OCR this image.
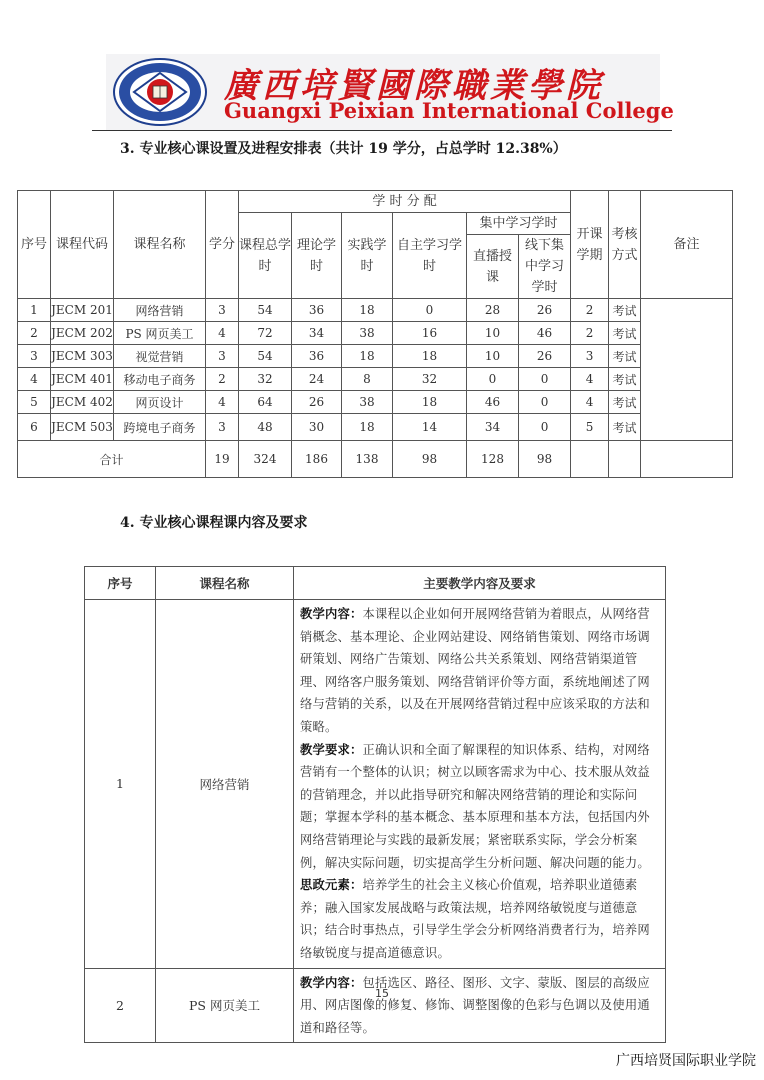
廣西培賢國際職業學院
Guangxi Peixian International College
3. 专业核心课设置及进程安排表（共计 19 学分，占总学时 12.38%）
序号	课程代码	课程名称	学分	学 时 分 配						开课学期	考核方式	备注
				课程总学时	理论学时	实践学时	自主学习学时	集中学习学时				
								直播授课	线下集中学习学时			
1	JECM 201	网络营销	3	54	36	18	0	28	26	2	考试	
2	JECM 202	PS 网页美工	4	72	34	38	16	10	46	2	考试	
3	JECM 303	视觉营销	3	54	36	18	18	10	26	3	考试	
4	JECM 401	移动电子商务	2	32	24	8	32	0	0	4	考试	
5	JECM 402	网页设计	4	64	26	38	18	46	0	4	考试	
6	JECM 503	跨境电子商务	3	48	30	18	14	34	0	5	考试	
合计			19	324	186	138	98	128	98			
4. 专业核心课程课内容及要求
序号	课程名称	主要教学内容及要求
1	网络营销	教学内容：本课程以企业如何开展网络营销为着眼点，从网络营销概念、基本理论、企业网站建设、网络销售策划、网络市场调研策划、网络广告策划、网络公共关系策划、网络营销渠道管理、网络客户服务策划、网络营销评价等方面，系统地阐述了网络与营销的关系，以及在开展网络营销过程中应该采取的方法和策略。
教学要求：正确认识和全面了解课程的知识体系、结构，对网络营销有一个整体的认识；树立以顾客需求为中心、技术服从效益的营销理念，并以此指导研究和解决网络营销的理论和实际问题；掌握本学科的基本概念、基本原理和基本方法，包括国内外网络营销理论与实践的最新发展；紧密联系实际，学会分析案例，解决实际问题，切实提高学生分析问题、解决问题的能力。
思政元素：培养学生的社会主义核心价值观，培养职业道德素养；融入国家发展战略与政策法规，培养网络敏锐度与道德意识；结合时事热点，引导学生学会分析网络消费者行为，培养网络敏锐度与提高道德意识。

2	PS 网页美工	教学内容：包括选区、路径、图形、文字、蒙版、图层的高级应用、网店图像的修复、修饰、调整图像的色彩与色调以及使用通道和路径等。
15
广西培贤国际职业学院
